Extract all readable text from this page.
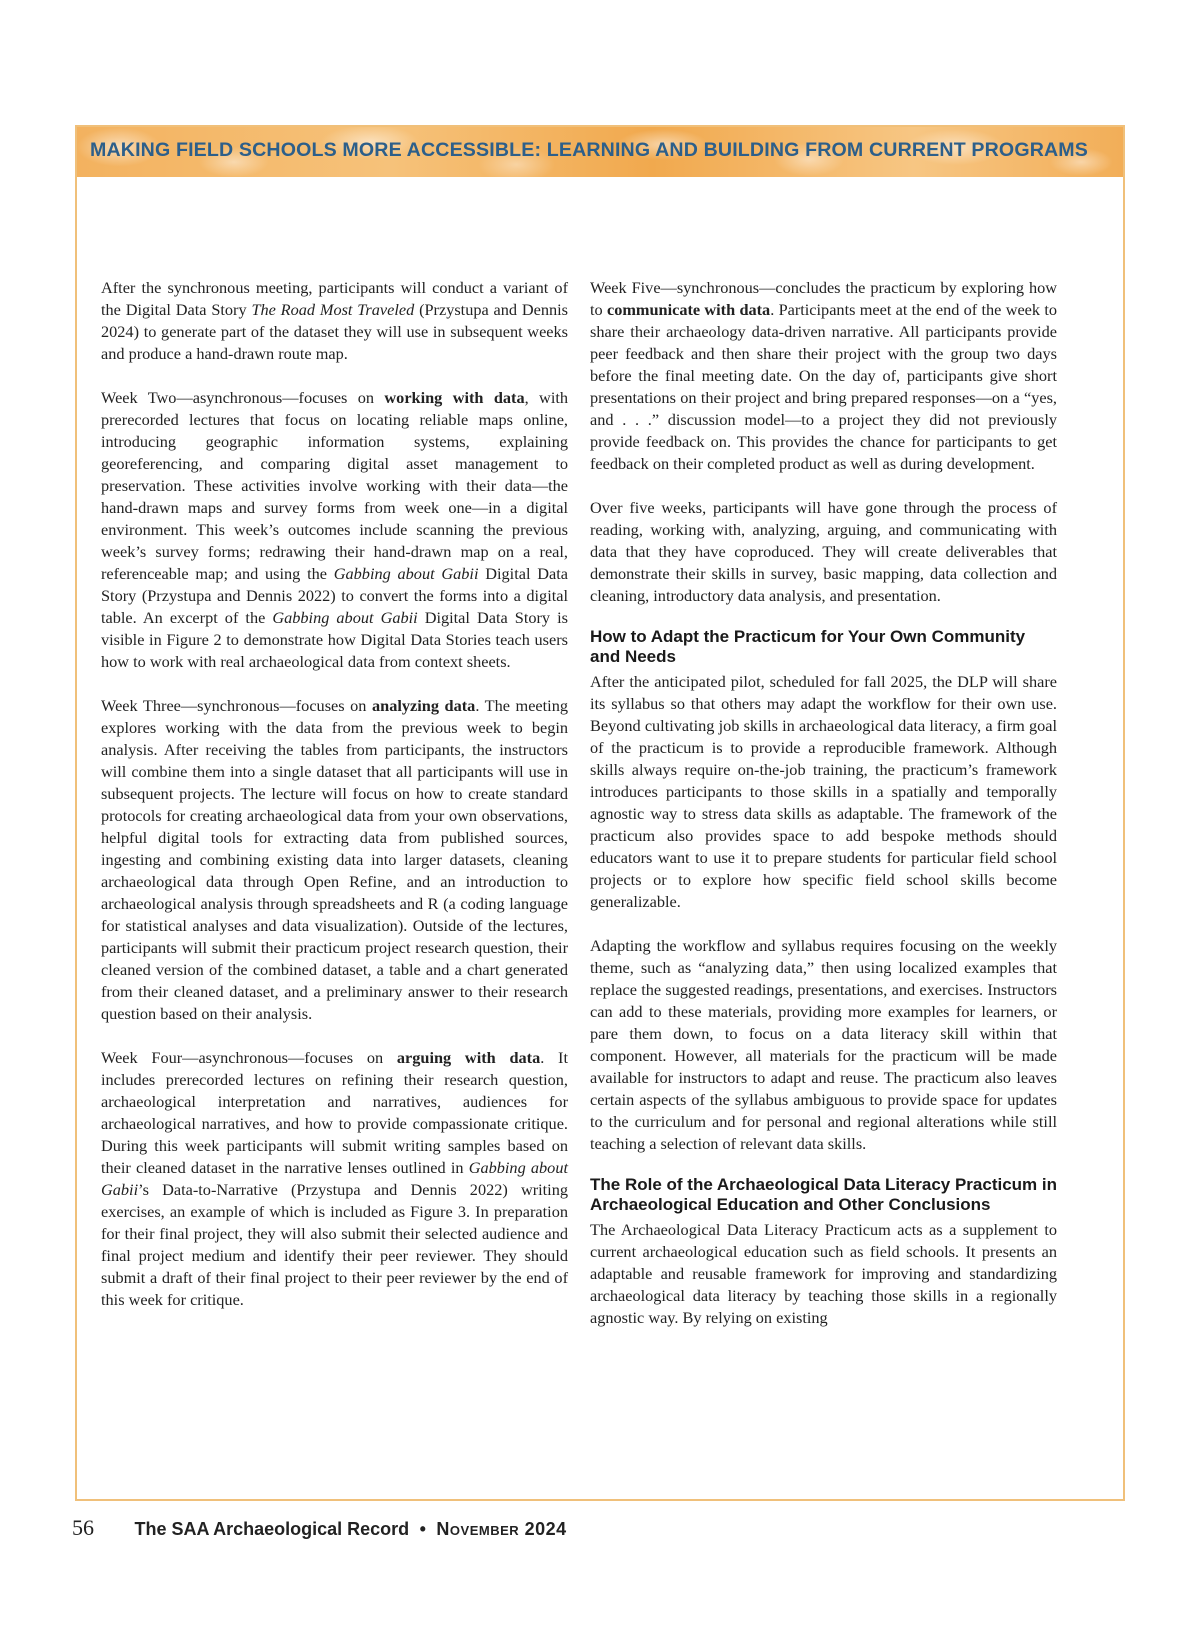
MAKING FIELD SCHOOLS MORE ACCESSIBLE: LEARNING AND BUILDING FROM CURRENT PROGRAMS

After the synchronous meeting, participants will conduct a variant of the Digital Data Story The Road Most Traveled (Przystupa and Dennis 2024) to generate part of the dataset they will use in subsequent weeks and produce a hand-drawn route map.

Week Two—asynchronous—focuses on working with data, with prerecorded lectures that focus on locating reliable maps online, introducing geographic information systems, explaining georeferencing, and comparing digital asset management to preservation. These activities involve working with their data—the hand-drawn maps and survey forms from week one—in a digital environment. This week’s outcomes include scanning the previous week’s survey forms; redrawing their hand-drawn map on a real, referenceable map; and using the Gabbing about Gabii Digital Data Story (Przystupa and Dennis 2022) to convert the forms into a digital table. An excerpt of the Gabbing about Gabii Digital Data Story is visible in Figure 2 to demonstrate how Digital Data Stories teach users how to work with real archaeological data from context sheets.

Week Three—synchronous—focuses on analyzing data. The meeting explores working with the data from the previous week to begin analysis. After receiving the tables from participants, the instructors will combine them into a single dataset that all participants will use in subsequent projects. The lecture will focus on how to create standard protocols for creating archaeological data from your own observations, helpful digital tools for extracting data from published sources, ingesting and combining existing data into larger datasets, cleaning archaeological data through Open Refine, and an introduction to archaeological analysis through spreadsheets and R (a coding language for statistical analyses and data visualization). Outside of the lectures, participants will submit their practicum project research question, their cleaned version of the combined dataset, a table and a chart generated from their cleaned dataset, and a preliminary answer to their research question based on their analysis.

Week Four—asynchronous—focuses on arguing with data. It includes prerecorded lectures on refining their research question, archaeological interpretation and narratives, audiences for archaeological narratives, and how to provide compassionate critique. During this week participants will submit writing samples based on their cleaned dataset in the narrative lenses outlined in Gabbing about Gabii’s Data-to-Narrative (Przystupa and Dennis 2022) writing exercises, an example of which is included as Figure 3. In preparation for their final project, they will also submit their selected audience and final project medium and identify their peer reviewer. They should submit a draft of their final project to their peer reviewer by the end of this week for critique.

Week Five—synchronous—concludes the practicum by exploring how to communicate with data. Participants meet at the end of the week to share their archaeology data-driven narrative. All participants provide peer feedback and then share their project with the group two days before the final meeting date. On the day of, participants give short presentations on their project and bring prepared responses—on a “yes, and . . .” discussion model—to a project they did not previously provide feedback on. This provides the chance for participants to get feedback on their completed product as well as during development.

Over five weeks, participants will have gone through the process of reading, working with, analyzing, arguing, and communicating with data that they have coproduced. They will create deliverables that demonstrate their skills in survey, basic mapping, data collection and cleaning, introductory data analysis, and presentation.

How to Adapt the Practicum for Your Own Community and Needs

After the anticipated pilot, scheduled for fall 2025, the DLP will share its syllabus so that others may adapt the workflow for their own use. Beyond cultivating job skills in archaeological data literacy, a firm goal of the practicum is to provide a reproducible framework. Although skills always require on-the-job training, the practicum’s framework introduces participants to those skills in a spatially and temporally agnostic way to stress data skills as adaptable. The framework of the practicum also provides space to add bespoke methods should educators want to use it to prepare students for particular field school projects or to explore how specific field school skills become generalizable.

Adapting the workflow and syllabus requires focusing on the weekly theme, such as “analyzing data,” then using localized examples that replace the suggested readings, presentations, and exercises. Instructors can add to these materials, providing more examples for learners, or pare them down, to focus on a data literacy skill within that component. However, all materials for the practicum will be made available for instructors to adapt and reuse. The practicum also leaves certain aspects of the syllabus ambiguous to provide space for updates to the curriculum and for personal and regional alterations while still teaching a selection of relevant data skills.

The Role of the Archaeological Data Literacy Practicum in Archaeological Education and Other Conclusions

The Archaeological Data Literacy Practicum acts as a supplement to current archaeological education such as field schools. It presents an adaptable and reusable framework for improving and standardizing archaeological data literacy by teaching those skills in a regionally agnostic way. By relying on existing

56 The SAA Archaeological Record • November 2024
